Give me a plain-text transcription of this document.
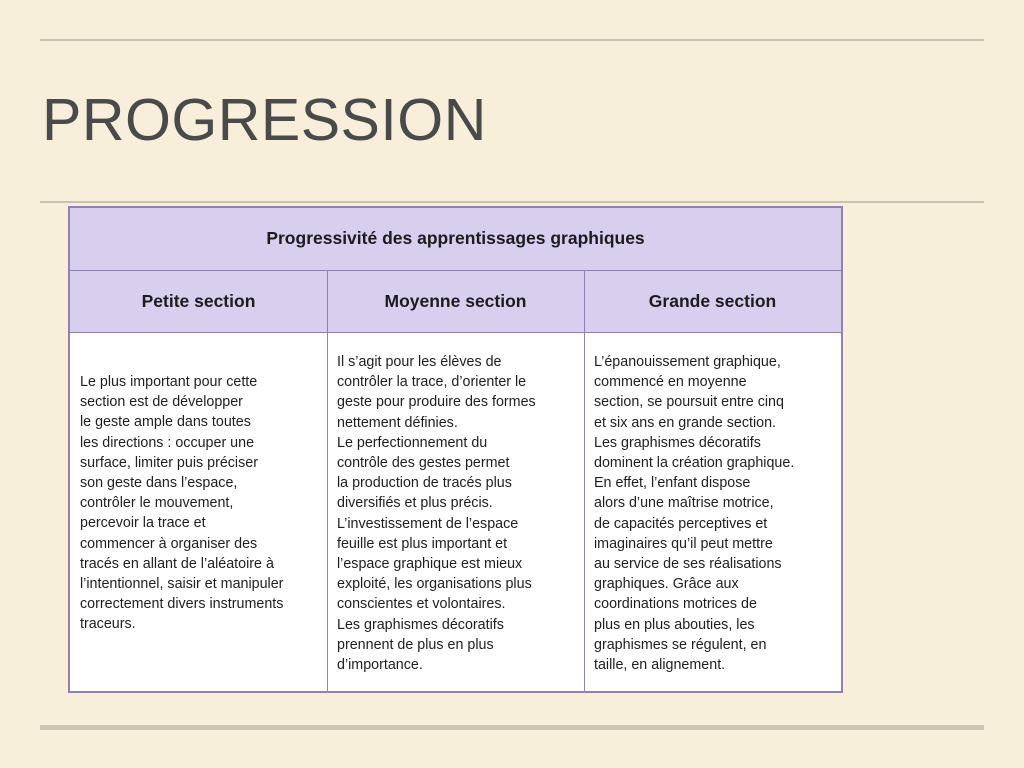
PROGRESSION
Progressivité des apprentissages graphiques
Petite section	Moyenne section	Grande section
Le plus important pour cette
section est de développer
le geste ample dans toutes
les directions : occuper une
surface, limiter puis préciser
son geste dans l’espace,
contrôler le mouvement,
percevoir la trace et
commencer à organiser des
tracés en allant de l’aléatoire à
l’intentionnel, saisir et manipuler
correctement divers instruments
traceurs.
Il s’agit pour les élèves de
contrôler la trace, d’orienter le
geste pour produire des formes
nettement définies.
Le perfectionnement du
contrôle des gestes permet
la production de tracés plus
diversifiés et plus précis.
L’investissement de l’espace
feuille est plus important et
l’espace graphique est mieux
exploité, les organisations plus
conscientes et volontaires.
Les graphismes décoratifs
prennent de plus en plus
d’importance.
L’épanouissement graphique,
commencé en moyenne
section, se poursuit entre cinq
et six ans en grande section.
Les graphismes décoratifs
dominent la création graphique.
En effet, l’enfant dispose
alors d’une maîtrise motrice,
de capacités perceptives et
imaginaires qu’il peut mettre
au service de ses réalisations
graphiques. Grâce aux
coordinations motrices de
plus en plus abouties, les
graphismes se régulent, en
taille, en alignement.
